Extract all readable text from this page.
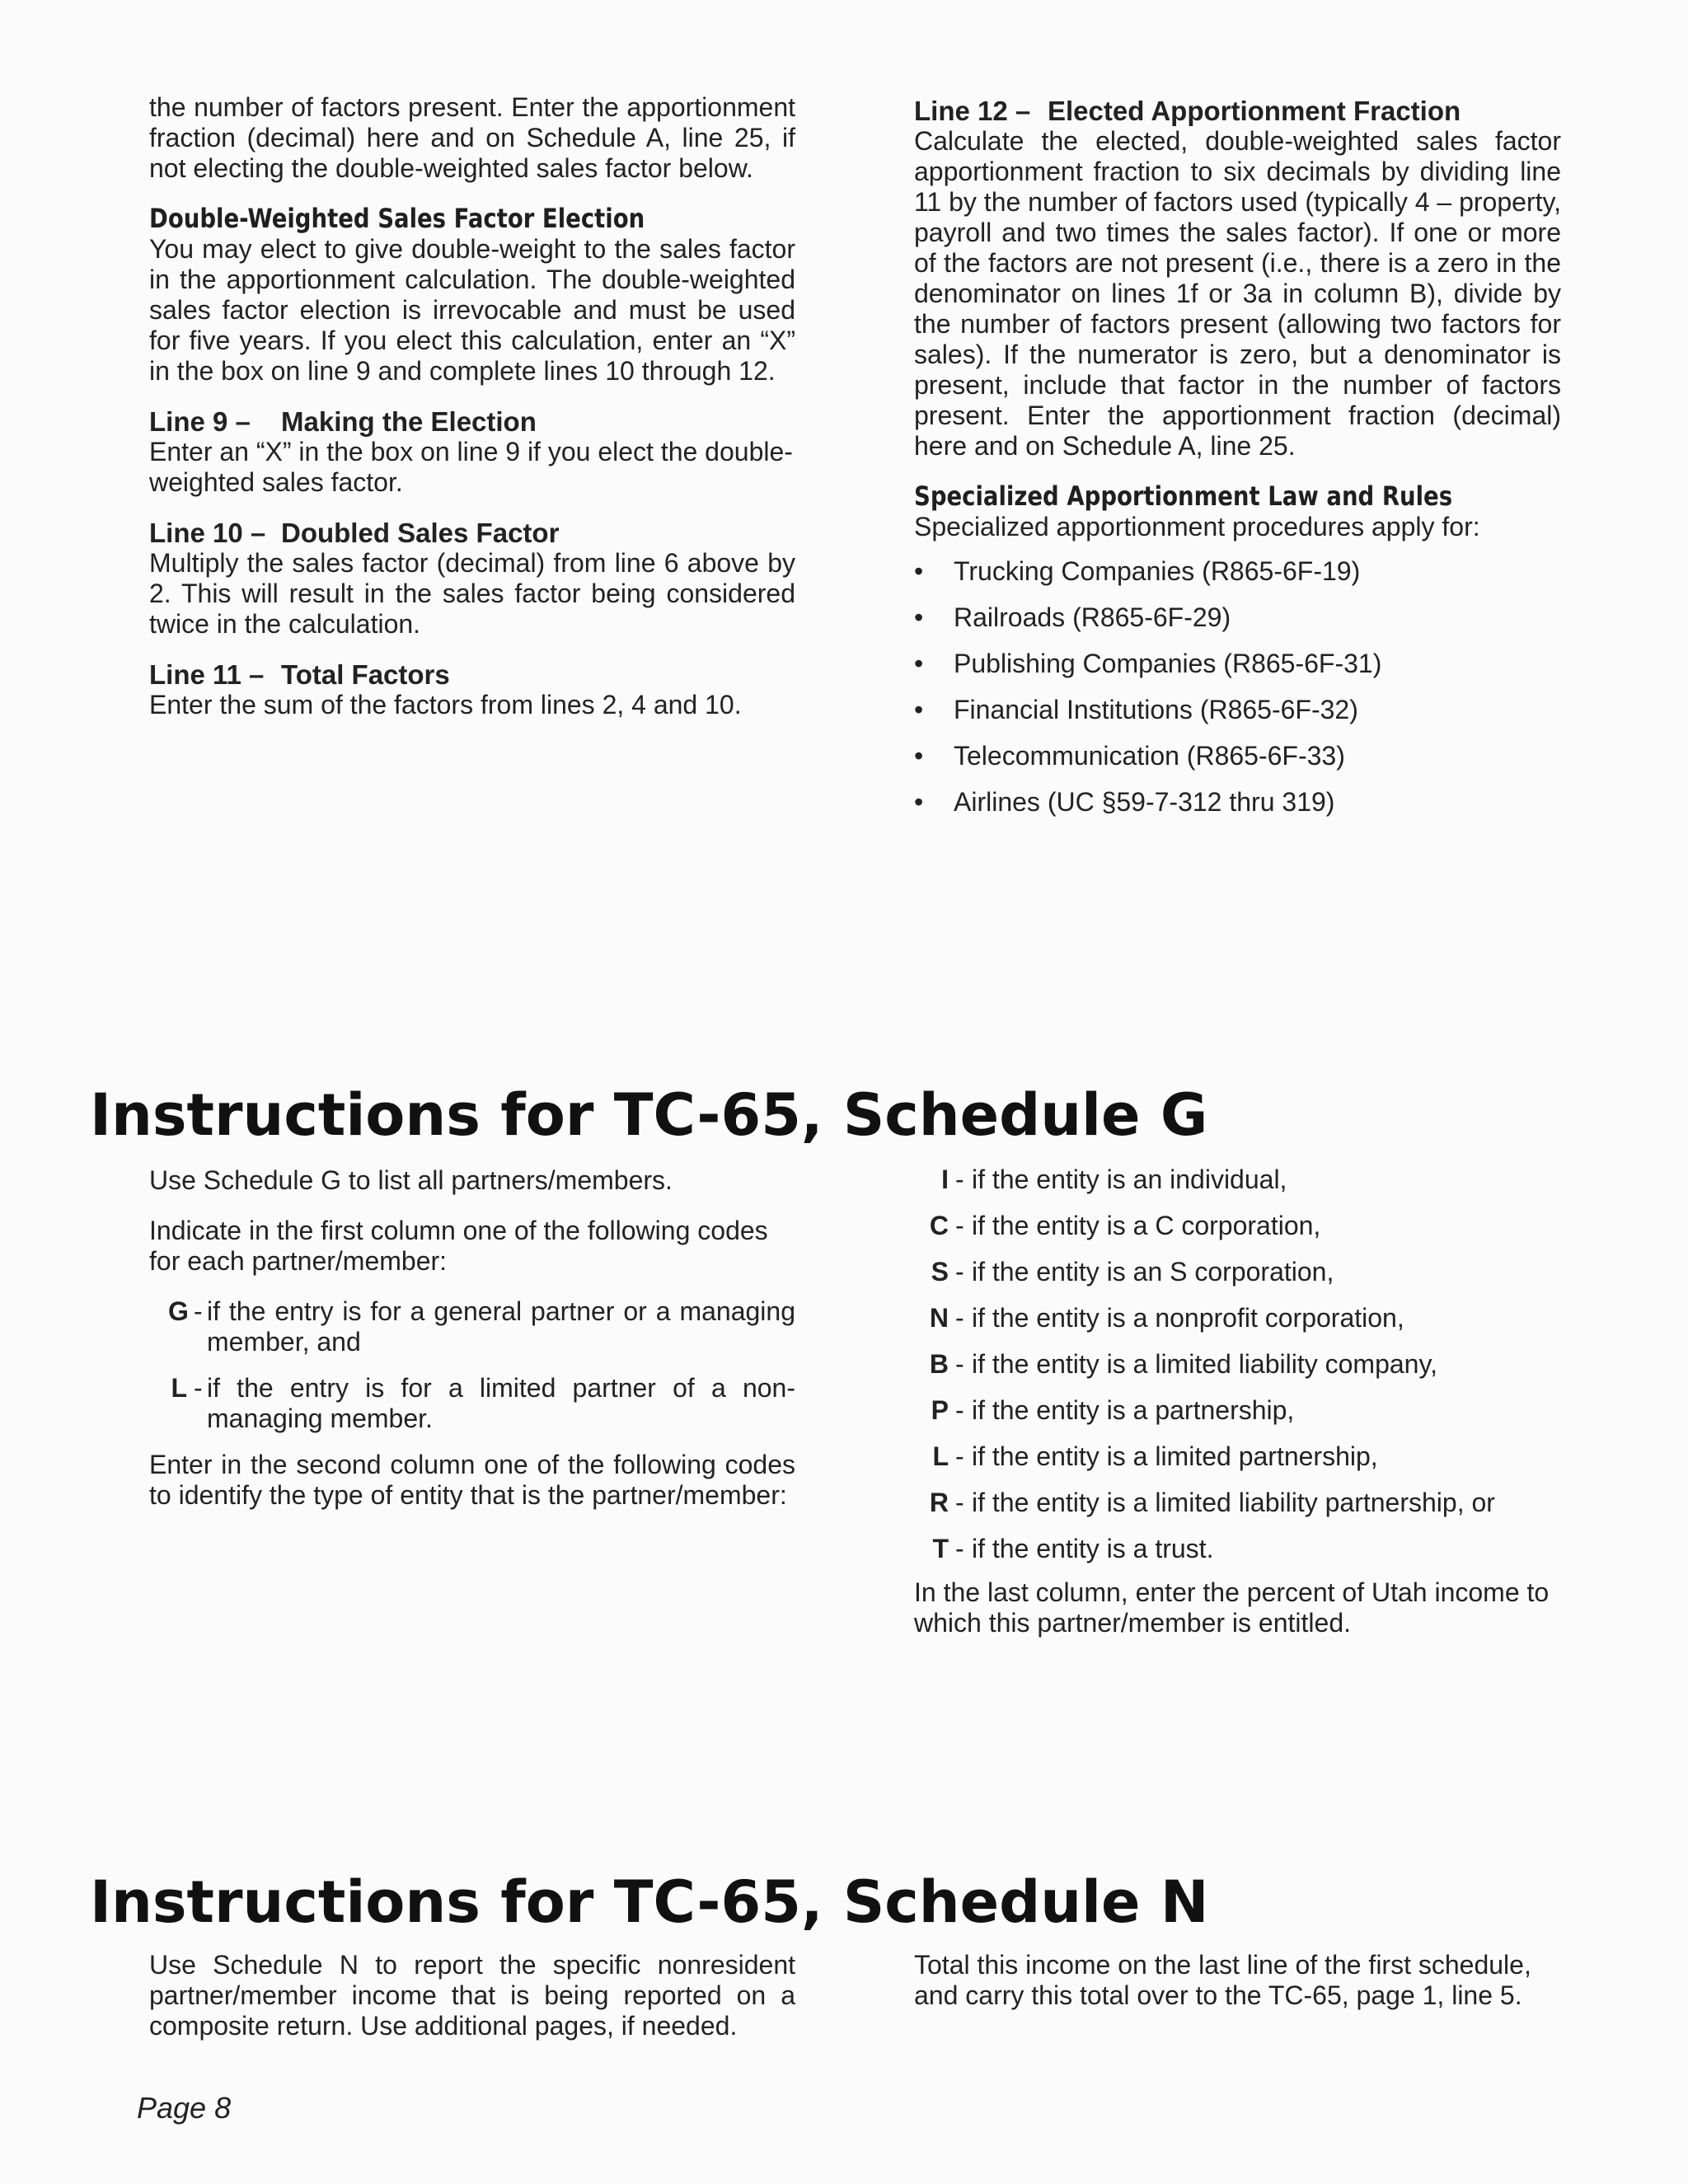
the number of factors present. Enter the apportionment fraction (decimal) here and on Schedule A, line 25, if not electing the double-weighted sales factor below.

Double-Weighted Sales Factor Election

You may elect to give double-weight to the sales factor in the apportionment calculation. The double-weighted sales factor election is irrevocable and must be used for five years. If you elect this calculation, enter an “X” in the box on line 9 and complete lines 10 through 12.

Line 9 – Making the Election

Enter an “X” in the box on line 9 if you elect the double-weighted sales factor.

Line 10 – Doubled Sales Factor

Multiply the sales factor (decimal) from line 6 above by 2. This will result in the sales factor being considered twice in the calculation.

Line 11 – Total Factors

Enter the sum of the factors from lines 2, 4 and 10.

Line 12 – Elected Apportionment Fraction

Calculate the elected, double-weighted sales factor apportionment fraction to six decimals by dividing line 11 by the number of factors used (typically 4 – property, payroll and two times the sales factor). If one or more of the factors are not present (i.e., there is a zero in the denominator on lines 1f or 3a in column B), divide by the number of factors present (allowing two factors for sales). If the numerator is zero, but a denominator is present, include that factor in the number of factors present. Enter the apportionment fraction (decimal) here and on Schedule A, line 25.

Specialized Apportionment Law and Rules

Specialized apportionment procedures apply for:

• Trucking Companies (R865-6F-19)
• Railroads (R865-6F-29)
• Publishing Companies (R865-6F-31)
• Financial Institutions (R865-6F-32)
• Telecommunication (R865-6F-33)
• Airlines (UC §59-7-312 thru 319)
Instructions for TC-65, Schedule G

Use Schedule G to list all partners/members.

Indicate in the first column one of the following codes for each partner/member:

G - if the entry is for a general partner or a managing member, and
L - if the entry is for a limited partner of a non-managing member.

Enter in the second column one of the following codes to identify the type of entity that is the partner/member:

I - if the entity is an individual,
C - if the entity is a C corporation,
S - if the entity is an S corporation,
N - if the entity is a nonprofit corporation,
B - if the entity is a limited liability company,
P - if the entity is a partnership,
L - if the entity is a limited partnership,
R - if the entity is a limited liability partnership, or
T - if the entity is a trust.

In the last column, enter the percent of Utah income to which this partner/member is entitled.

Instructions for TC-65, Schedule N

Use Schedule N to report the specific nonresident partner/member income that is being reported on a composite return. Use additional pages, if needed.

Total this income on the last line of the first schedule, and carry this total over to the TC-65, page 1, line 5.

Page 8
